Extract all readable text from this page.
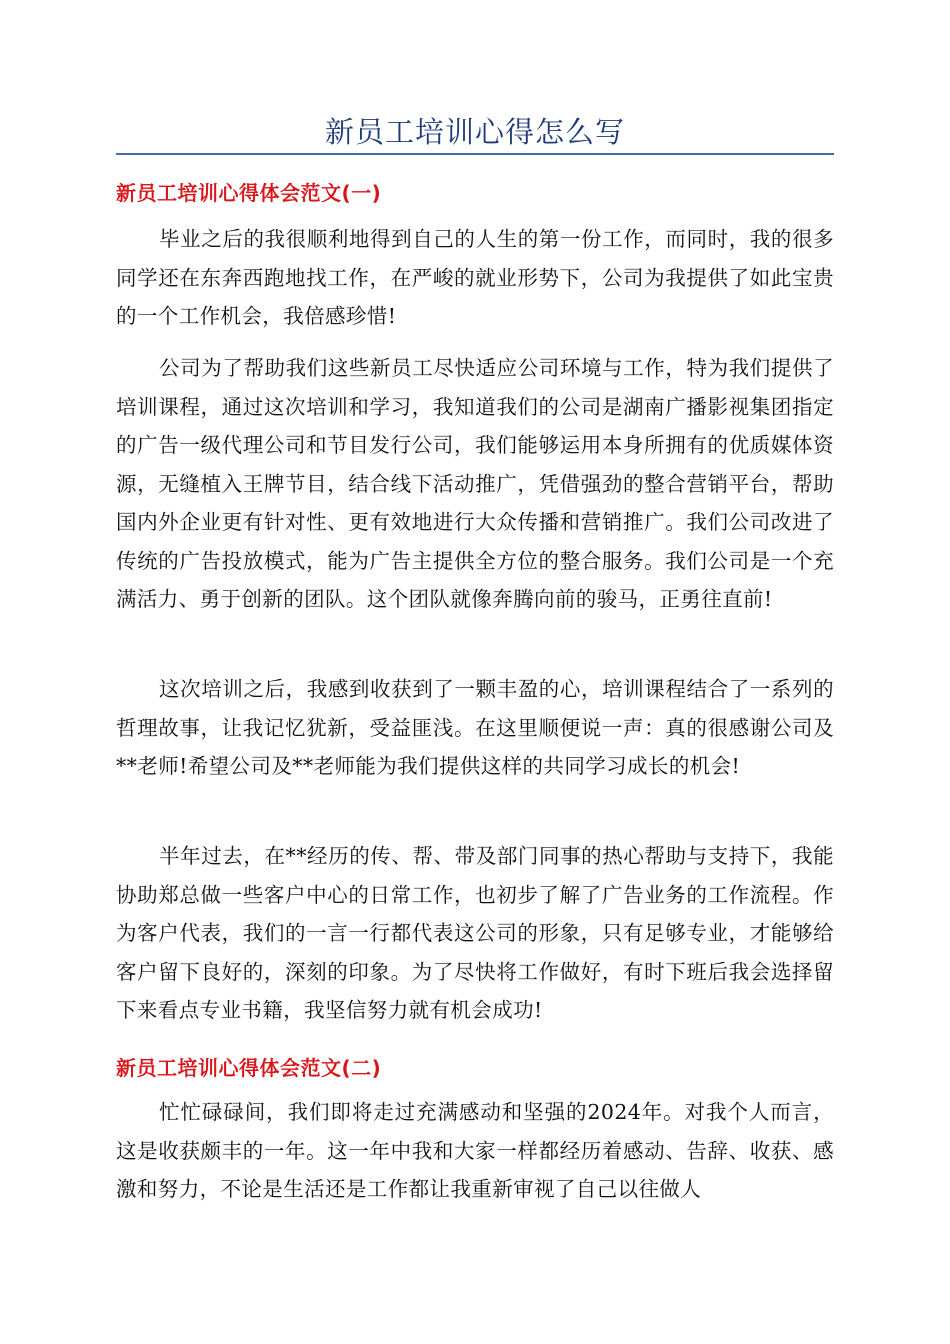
新员工培训心得怎么写
新员工培训心得体会范文(一)

毕业之后的我很顺利地得到自己的人生的第一份工作，而同时，我的很多同学还在东奔西跑地找工作，在严峻的就业形势下，公司为我提供了如此宝贵的一个工作机会，我倍感珍惜!

公司为了帮助我们这些新员工尽快适应公司环境与工作，特为我们提供了培训课程，通过这次培训和学习，我知道我们的公司是湖南广播影视集团指定的广告一级代理公司和节目发行公司，我们能够运用本身所拥有的优质媒体资源，无缝植入王牌节目，结合线下活动推广，凭借强劲的整合营销平台，帮助国内外企业更有针对性、更有效地进行大众传播和营销推广。我们公司改进了传统的广告投放模式，能为广告主提供全方位的整合服务。我们公司是一个充满活力、勇于创新的团队。这个团队就像奔腾向前的骏马，正勇往直前!

这次培训之后，我感到收获到了一颗丰盈的心，培训课程结合了一系列的哲理故事，让我记忆犹新，受益匪浅。在这里顺便说一声：真的很感谢公司及**老师!希望公司及**老师能为我们提供这样的共同学习成长的机会!

半年过去，在**经历的传、帮、带及部门同事的热心帮助与支持下，我能协助郑总做一些客户中心的日常工作，也初步了解了广告业务的工作流程。作为客户代表，我们的一言一行都代表这公司的形象，只有足够专业，才能够给客户留下良好的，深刻的印象。为了尽快将工作做好，有时下班后我会选择留下来看点专业书籍，我坚信努力就有机会成功!

新员工培训心得体会范文(二)

忙忙碌碌间，我们即将走过充满感动和坚强的2024年。对我个人而言，这是收获颇丰的一年。这一年中我和大家一样都经历着感动、告辞、收获、感激和努力，不论是生活还是工作都让我重新审视了自己以往做人
